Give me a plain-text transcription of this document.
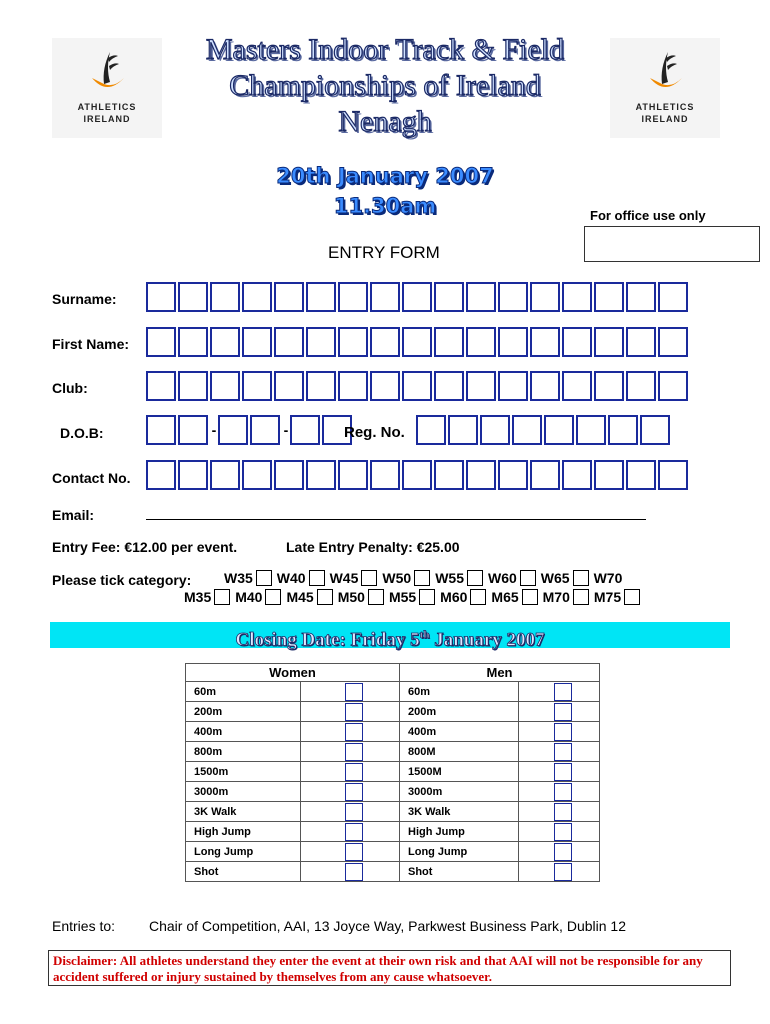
ATHLETICS
IRELAND
ATHLETICS
IRELAND
Masters Indoor Track & Field
Championships of Ireland
Nenagh
20th January 2007
11.30am	For office use only
ENTRY FORM
Surname:
First Name:
Club:
D.O.B:	-	-	Reg. No.
Contact No.
Email:
Entry Fee: €12.00 per event.	Late Entry Penalty: €25.00
Please tick category: W35 W40 W45 W50 W55 W60 W65 W70
M35 M40 M45 M50 M55 M60 M65 M70 M75
Closing Date: Friday 5th January 2007
Women		Men	
60m		60m	

200m		200m	

400m		400m	

800m		800M	

1500m		1500M	

3000m		3000m	

3K Walk		3K Walk	

High Jump		High Jump	

Long Jump		Long Jump	

Shot		Shot	
Entries to: Chair of Competition, AAI, 13 Joyce Way, Parkwest Business Park, Dublin 12
Disclaimer: All athletes understand they enter the event at their own risk and that AAI will not be responsible for any accident suffered or injury sustained by themselves from any cause whatsoever.
